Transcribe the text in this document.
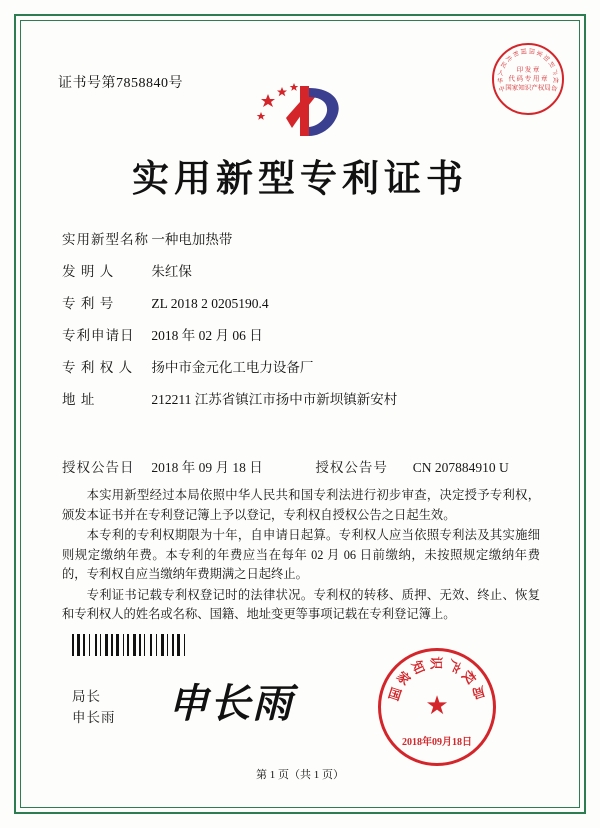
证书号第7858840号	中
华
人
民
共
和 国 国 家
知
识
产
权
局
印 发 章
代 码 专 用 章
国家知识产权局
实用新型专利证书
实用新型名称 一种电加热带
发 明 人	朱红保
专 利 号	ZL 2018 2 0205190.4
专利申请日 2018 年 02 月 06 日
专 利 权 人 扬中市金元化工电力设备厂
地 址	212211 江苏省镇江市扬中市新坝镇新安村
授权公告日 2018 年 09 月 18 日	授权公告号 CN 207884910 U

本实用新型经过本局依照中华人民共和国专利法进行初步审查，决定授予专利权，颁发本证书并在专利登记簿上予以登记，专利权自授权公告之日起生效。

本专利的专利权期限为十年，自申请日起算。专利权人应当依照专利法及其实施细则规定缴纳年费。本专利的年费应当在每年 02 月 06 日前缴纳，未按照规定缴纳年费的，专利权自应当缴纳年费期满之日起终止。

专利证书记载专利权登记时的法律状况。专利权的转移、质押、无效、终止、恢复和专利权人的姓名或名称、国籍、地址变更等事项记载在专利登记簿上。

局长
申长雨 申长雨	国
家
知 识 产
权
局
★
2018年09月18日
第 1 页（共 1 页）
